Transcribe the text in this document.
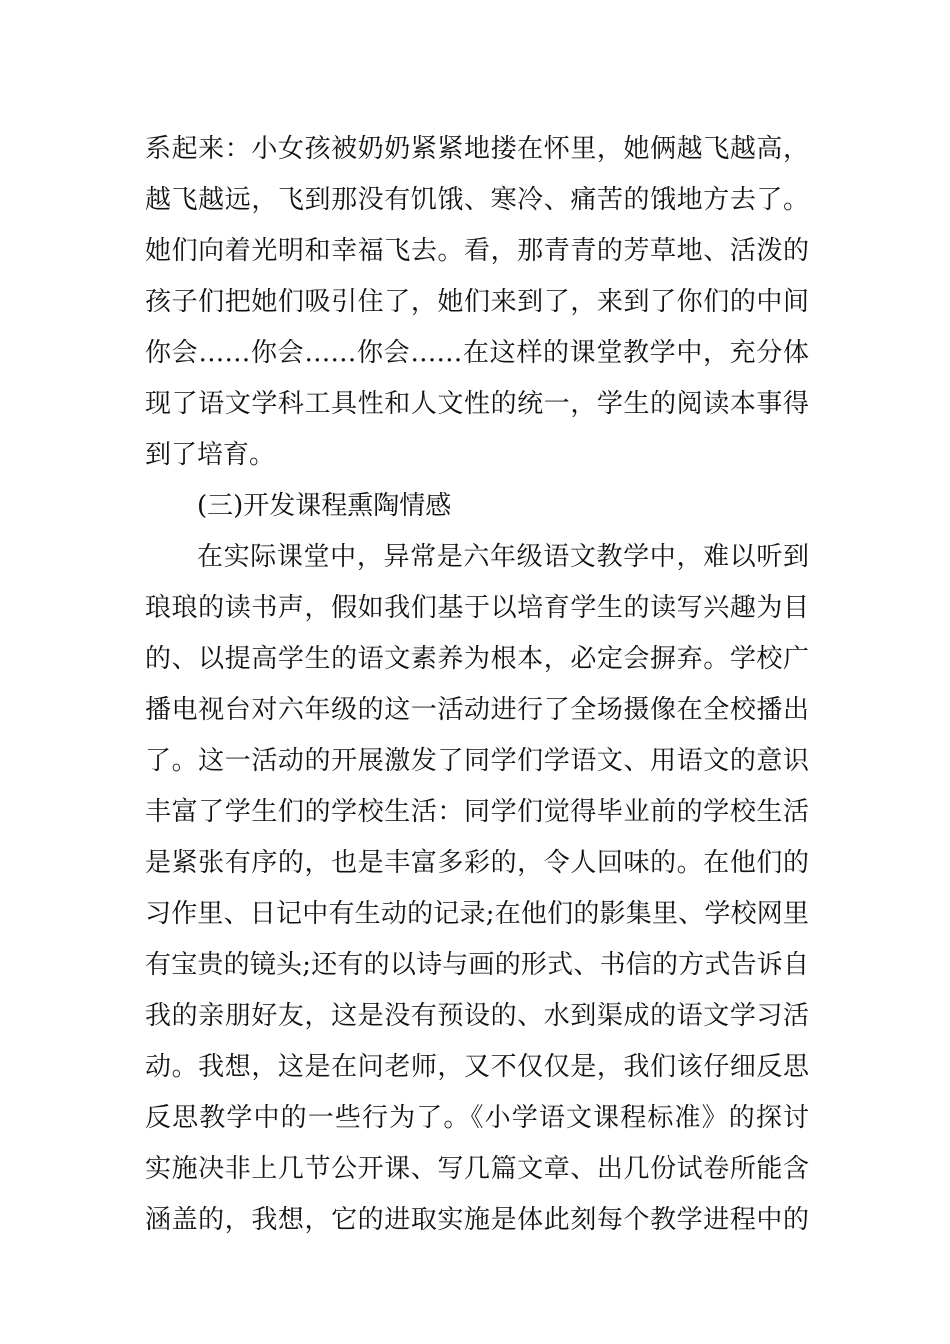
系起来：小女孩被奶奶紧紧地搂在怀里，她俩越飞越高，
越飞越远，飞到那没有饥饿、寒冷、痛苦的饿地方去了。
她们向着光明和幸福飞去。看，那青青的芳草地、活泼的
孩子们把她们吸引住了，她们来到了，来到了你们的中间
你会……你会……你会……在这样的课堂教学中，充分体
现了语文学科工具性和人文性的统一，学生的阅读本事得
到了培育。
(三)开发课程熏陶情感
在实际课堂中，异常是六年级语文教学中，难以听到
琅琅的读书声，假如我们基于以培育学生的读写兴趣为目
的、以提高学生的语文素养为根本，必定会摒弃。学校广
播电视台对六年级的这一活动进行了全场摄像在全校播出
了。这一活动的开展激发了同学们学语文、用语文的意识
丰富了学生们的学校生活：同学们觉得毕业前的学校生活
是紧张有序的，也是丰富多彩的，令人回味的。在他们的
习作里、日记中有生动的记录;在他们的影集里、学校网里
有宝贵的镜头;还有的以诗与画的形式、书信的方式告诉自
我的亲朋好友，这是没有预设的、水到渠成的语文学习活
动。我想，这是在问老师，又不仅仅是，我们该仔细反思
反思教学中的一些行为了。《小学语文课程标准》的探讨
实施决非上几节公开课、写几篇文章、出几份试卷所能含
涵盖的，我想，它的进取实施是体此刻每个教学进程中的
